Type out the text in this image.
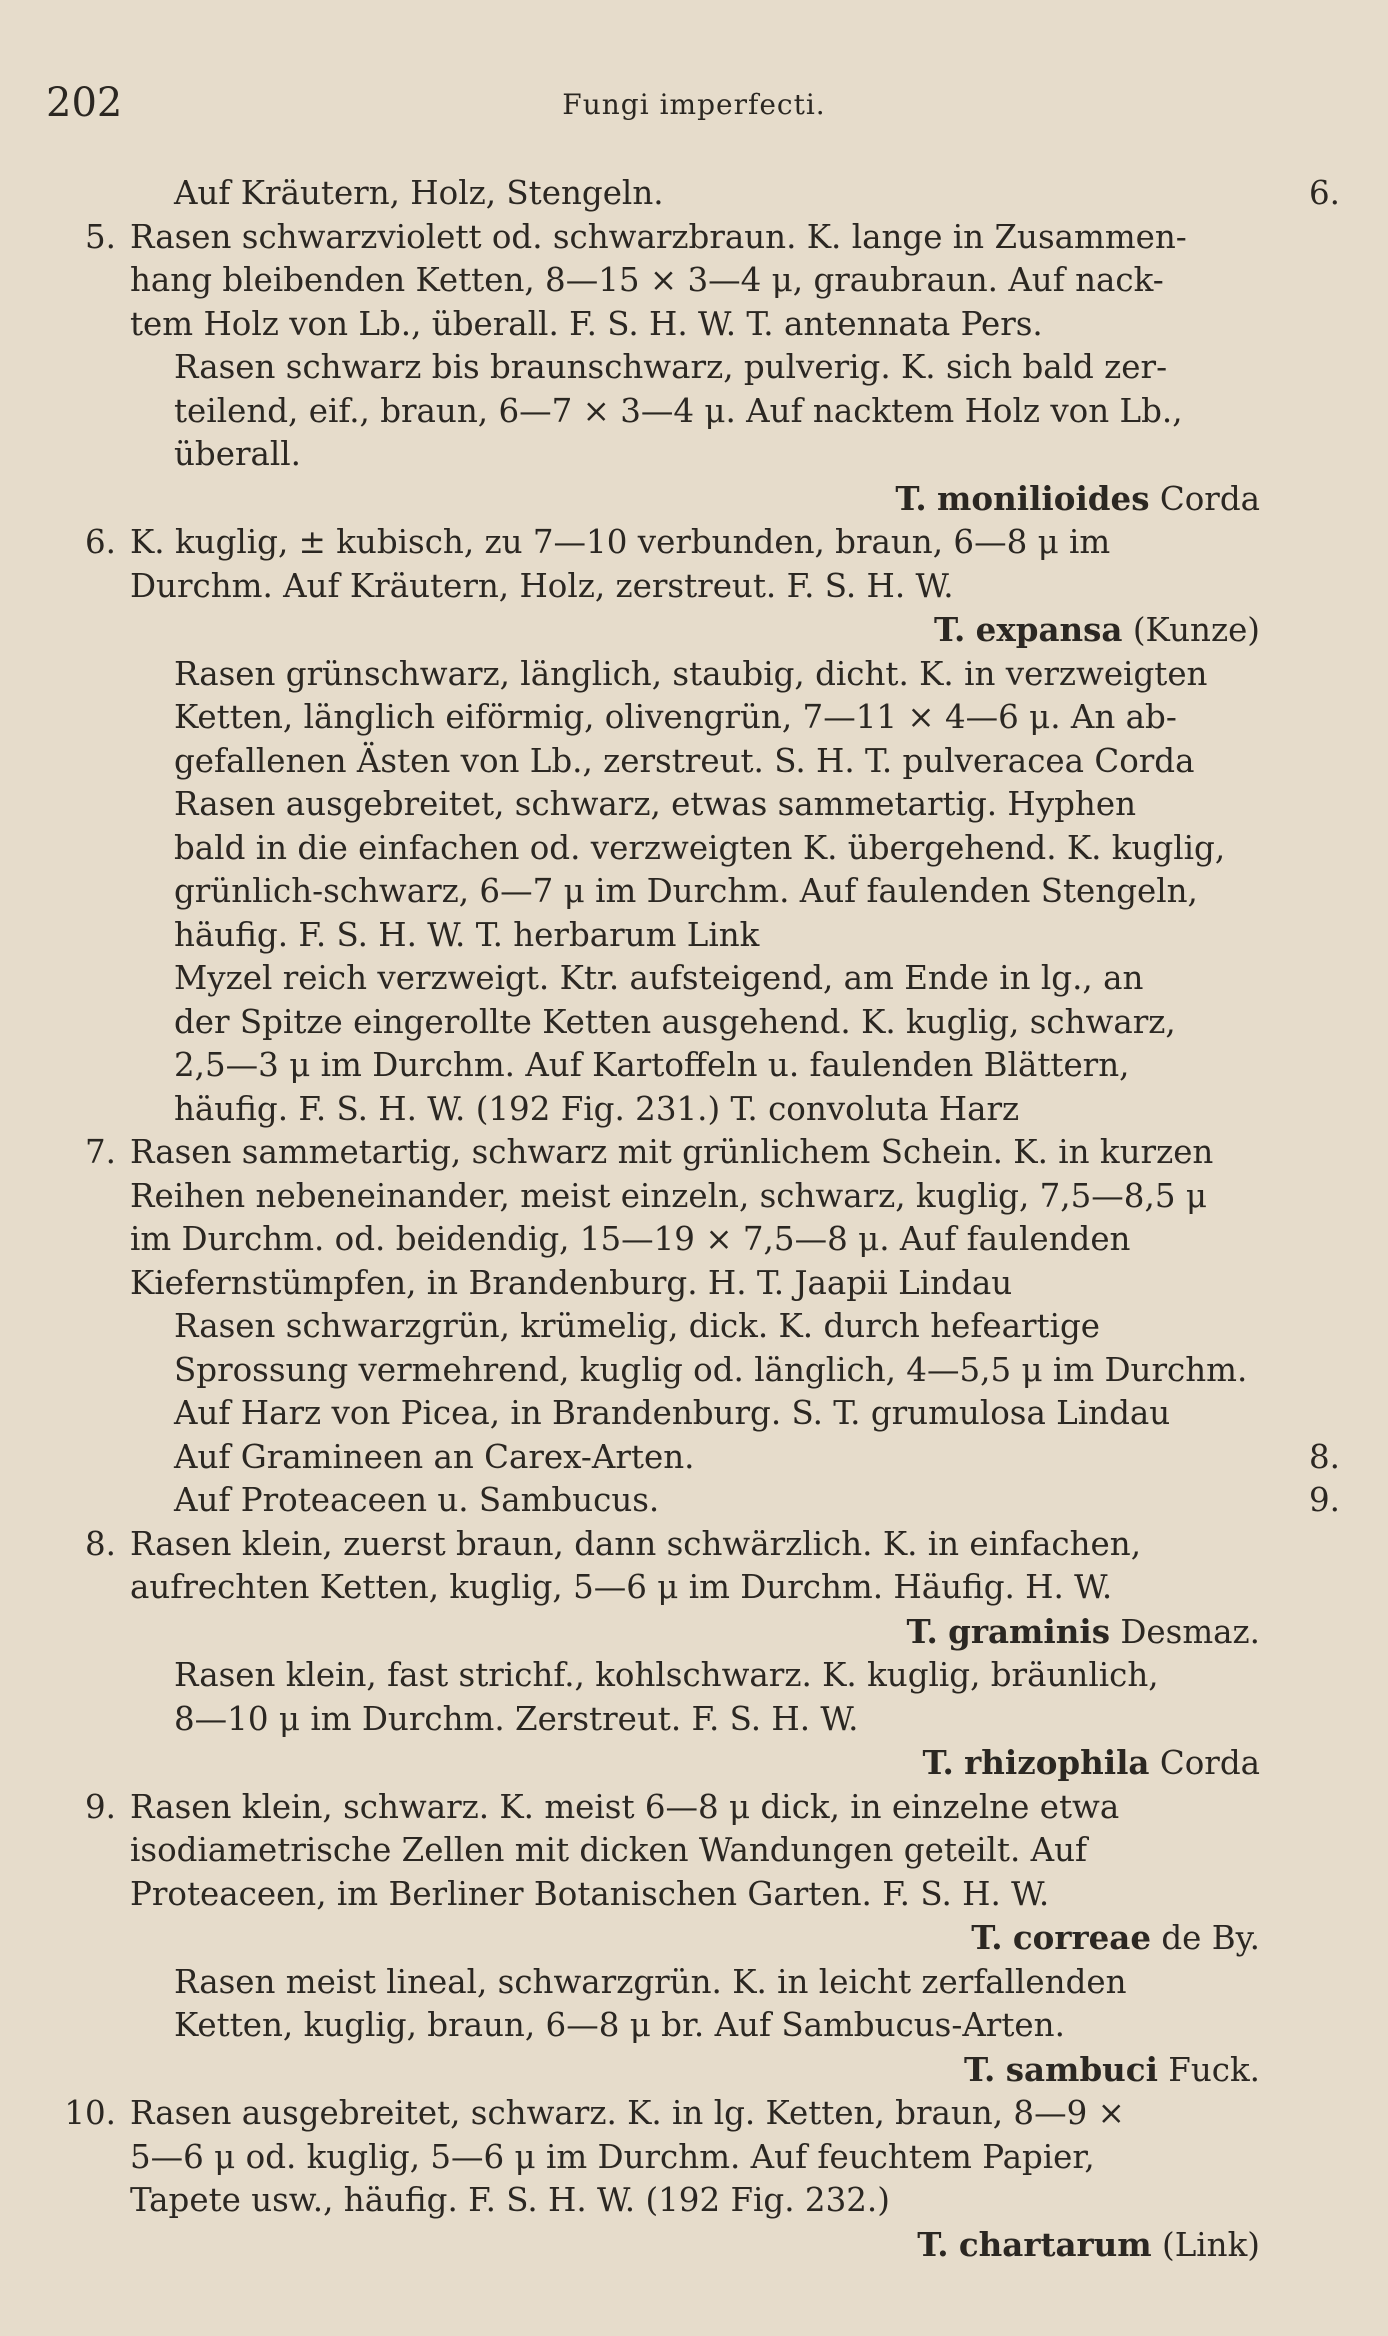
202	Fungi imperfecti.
Auf Kräutern, Holz, Stengeln.	6.
5. Rasen schwarzviolett od. schwarzbraun. K. lange in Zusammen-
hang bleibenden Ketten, 8—15 × 3—4 μ, graubraun. Auf nack-
tem Holz von Lb., überall. F. S. H. W. T. antennata Pers.
Rasen schwarz bis braunschwarz, pulverig. K. sich bald zer-
teilend, eif., braun, 6—7 × 3—4 μ. Auf nacktem Holz von Lb.,
überall.
T. monilioides Corda
6. K. kuglig, ± kubisch, zu 7—10 verbunden, braun, 6—8 μ im
Durchm. Auf Kräutern, Holz, zerstreut. F. S. H. W.
T. expansa (Kunze)
Rasen grünschwarz, länglich, staubig, dicht. K. in verzweigten
Ketten, länglich eiförmig, olivengrün, 7—11 × 4—6 μ. An ab-
gefallenen Ästen von Lb., zerstreut. S. H. T. pulveracea Corda
Rasen ausgebreitet, schwarz, etwas sammetartig. Hyphen
bald in die einfachen od. verzweigten K. übergehend. K. kuglig,
grünlich-schwarz, 6—7 μ im Durchm. Auf faulenden Stengeln,
häufig. F. S. H. W. T. herbarum Link
Myzel reich verzweigt. Ktr. aufsteigend, am Ende in lg., an
der Spitze eingerollte Ketten ausgehend. K. kuglig, schwarz,
2,5—3 μ im Durchm. Auf Kartoffeln u. faulenden Blättern,
häufig. F. S. H. W. (192 Fig. 231.) T. convoluta Harz
7. Rasen sammetartig, schwarz mit grünlichem Schein. K. in kurzen
Reihen nebeneinander, meist einzeln, schwarz, kuglig, 7,5—8,5 μ
im Durchm. od. beidendig, 15—19 × 7,5—8 μ. Auf faulenden
Kiefernstümpfen, in Brandenburg. H. T. Jaapii Lindau
Rasen schwarzgrün, krümelig, dick. K. durch hefeartige
Sprossung vermehrend, kuglig od. länglich, 4—5,5 μ im Durchm.
Auf Harz von Picea, in Brandenburg. S. T. grumulosa Lindau
Auf Gramineen an Carex-Arten.	8.
Auf Proteaceen u. Sambucus.	9.
8. Rasen klein, zuerst braun, dann schwärzlich. K. in einfachen,
aufrechten Ketten, kuglig, 5—6 μ im Durchm. Häufig. H. W.
T. graminis Desmaz.
Rasen klein, fast strichf., kohlschwarz. K. kuglig, bräunlich,
8—10 μ im Durchm. Zerstreut. F. S. H. W.
T. rhizophila Corda
9. Rasen klein, schwarz. K. meist 6—8 μ dick, in einzelne etwa
isodiametrische Zellen mit dicken Wandungen geteilt. Auf
Proteaceen, im Berliner Botanischen Garten. F. S. H. W.
T. correae de By.
Rasen meist lineal, schwarzgrün. K. in leicht zerfallenden
Ketten, kuglig, braun, 6—8 μ br. Auf Sambucus-Arten.
T. sambuci Fuck.
10. Rasen ausgebreitet, schwarz. K. in lg. Ketten, braun, 8—9 ×
5—6 μ od. kuglig, 5—6 μ im Durchm. Auf feuchtem Papier,
Tapete usw., häufig. F. S. H. W. (192 Fig. 232.)
T. chartarum (Link)
